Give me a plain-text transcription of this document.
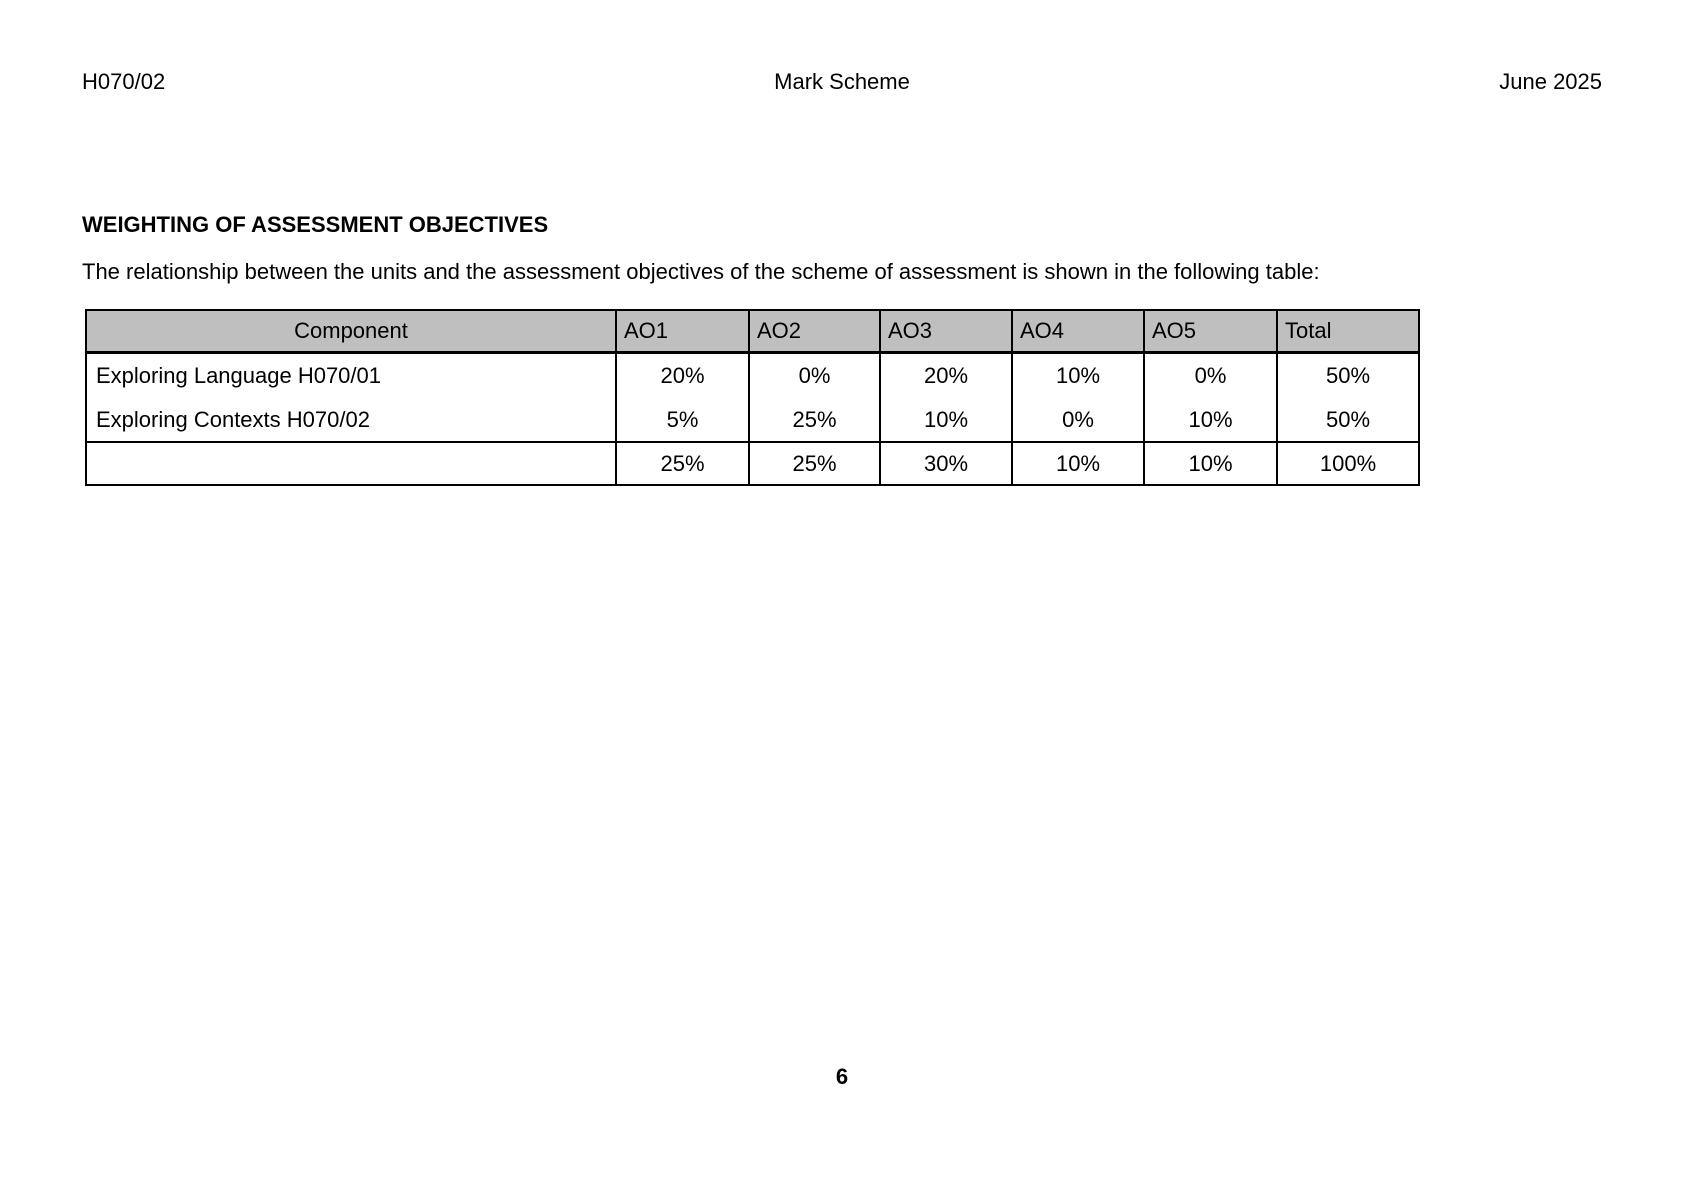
H070/02	Mark Scheme	June 2025
WEIGHTING OF ASSESSMENT OBJECTIVES
The relationship between the units and the assessment objectives of the scheme of assessment is shown in the following table:
Component	AO1	AO2	AO3	AO4	AO5	Total
Exploring Language H070/01	20%	0%	20%	10%	0%	50%
Exploring Contexts H070/02	5%	25%	10%	0%	10%	50%
	25%	25%	30%	10%	10%	100%
6
